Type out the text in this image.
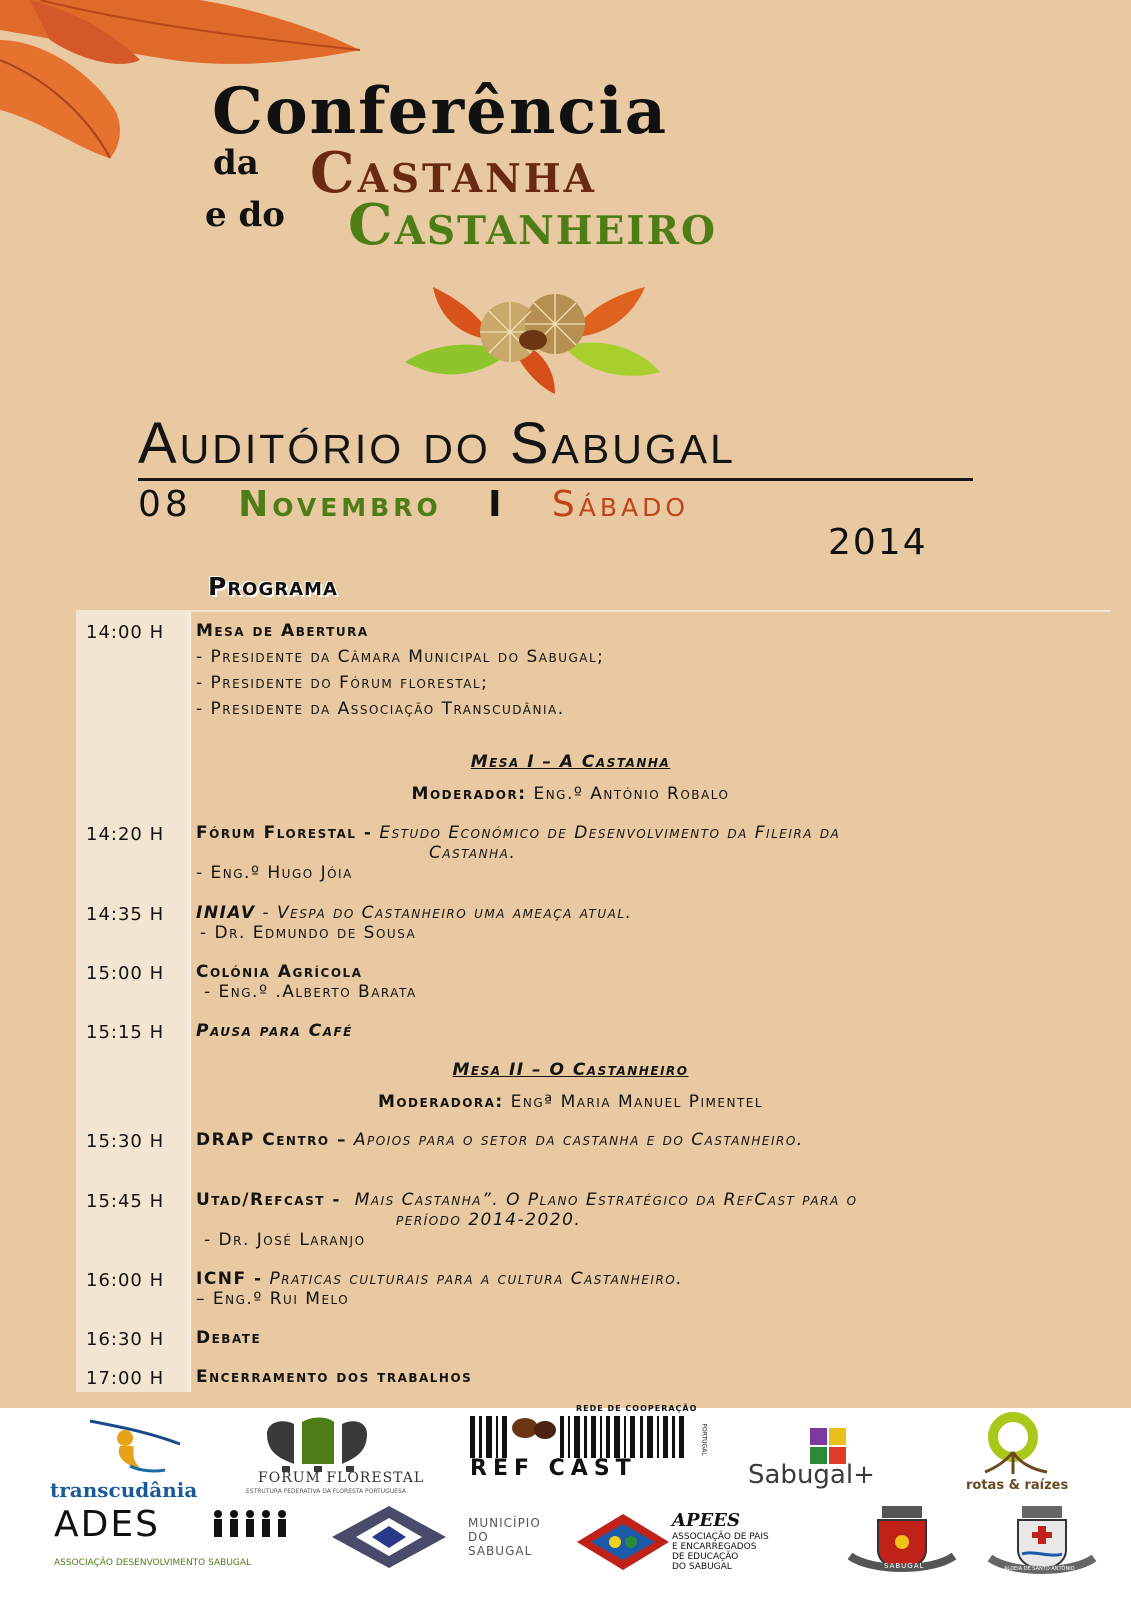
Conferência
da Castanha
e do Castanheiro
Auditório do Sabugal
08 Novembro I Sábado
2014
Programa
14:00 H	Mesa de Abertura
- Presidente da Câmara Municipal do Sabugal;
- Presidente do Fórum florestal;
- Presidente da Associação Transcudânia.
Mesa I – A Castanha
Moderador: Eng.º António Robalo
14:20 H	Fórum Florestal - Estudo Económico de Desenvolvimento da Fileira da
Castanha.
- Eng.º Hugo Jóia
14:35 H	INIAV - Vespa do Castanheiro uma ameaça atual.
- Dr. Edmundo de Sousa
15:00 H	Colónia Agrícola
- Eng.º .Alberto Barata
15:15 H	Pausa para Café
Mesa II – O Castanheiro
Moderadora: Engª Maria Manuel Pimentel
15:30 H	DRAP Centro – Apoios para o setor da castanha e do Castanheiro.
15:45 H	Utad/Refcast - Mais Castanha”. O Plano Estratégico da RefCast para o
período 2014-2020.
- Dr. José Laranjo
16:00 H	ICNF - Praticas culturais para a cultura Castanheiro.
– Eng.º Rui Melo
16:30 H	Debate
17:00 H	Encerramento dos trabalhos
transcudânia	FORUM FLORESTAL
ESTRUTURA FEDERATIVA DA FLORESTA PORTUGUESA
REDE DE COOPERAÇÃO
REF CAST
PORTUGAL
Sabugal+	rotas & raízes
ADES
ASSOCIAÇÃO DESENVOLVIMENTO SABUGAL
MUNICÍPIO
DO
SABUGAL
APEES
ASSOCIAÇÃO DE PAIS
E ENCARREGADOS
DE EDUCAÇÃO
DO SABUGAL	SABUGAL	ALDEIA DE SANTO ANTÓNIO
